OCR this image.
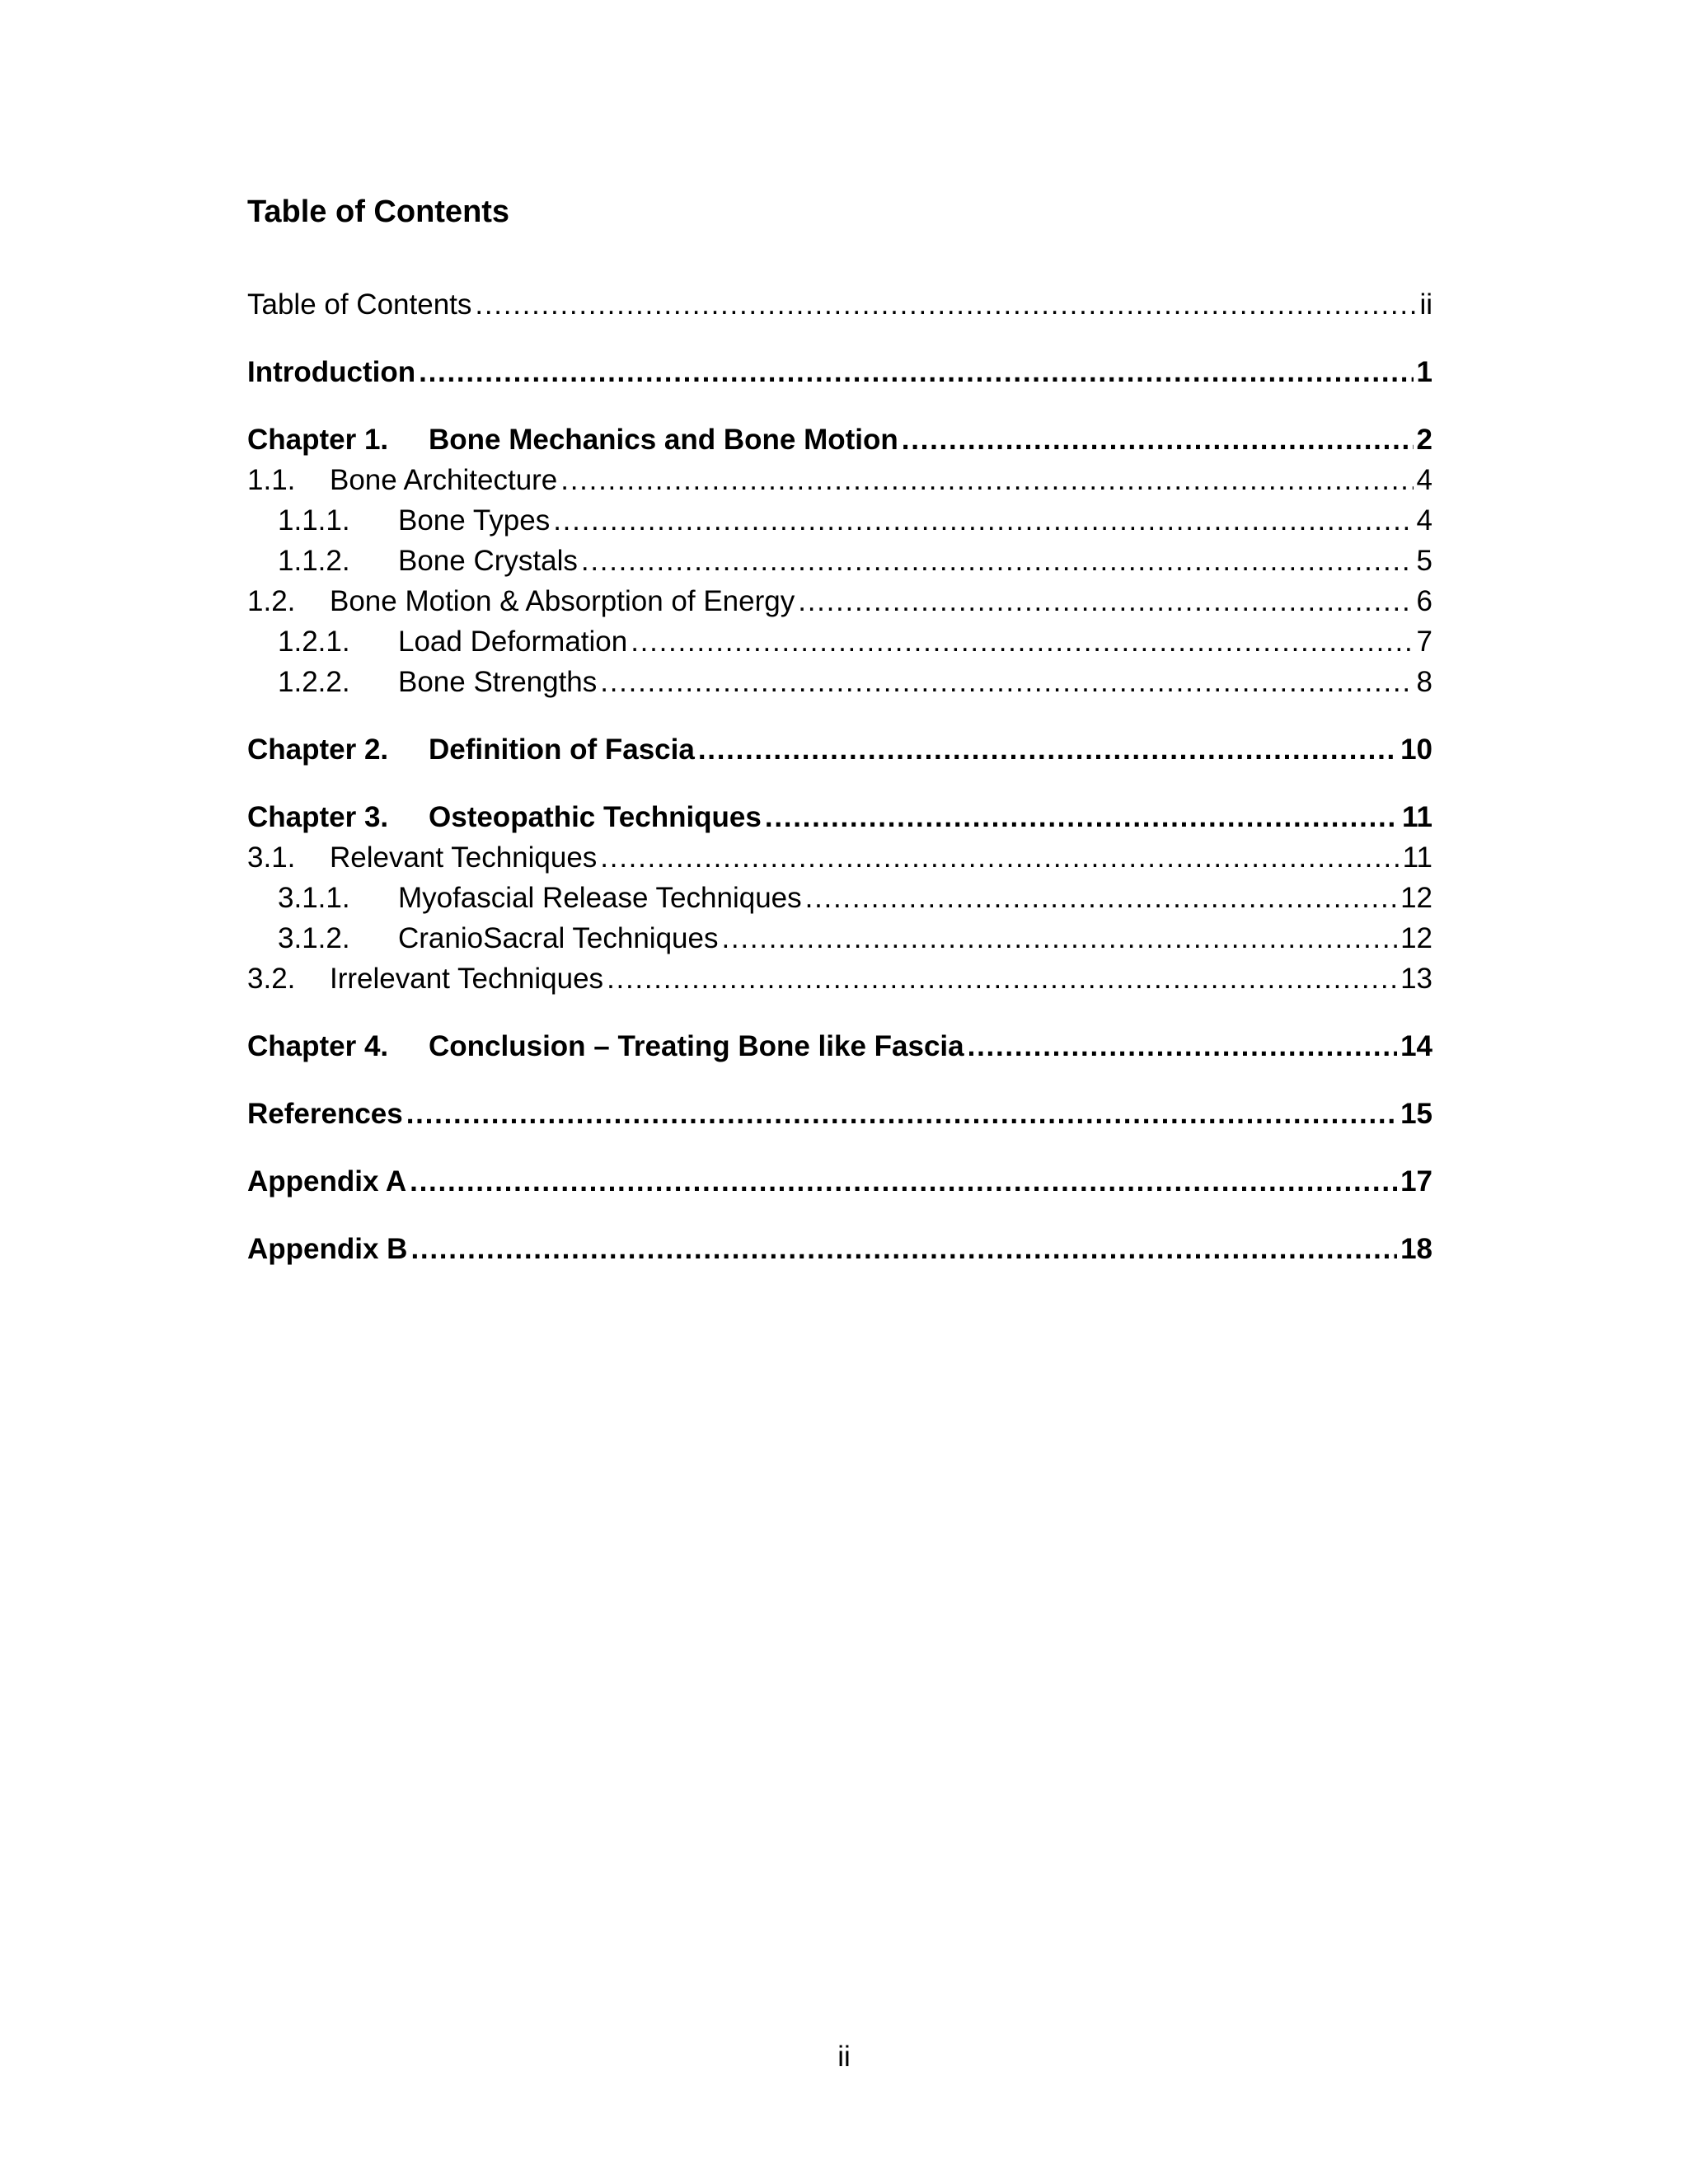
Table of Contents
Table of Contents . . .	ii
Introduction . . .	1
Chapter 1.	Bone Mechanics and Bone Motion . . .	2
1.1.	Bone Architecture . . .	4
1.1.1.	Bone Types . . .	4
1.1.2.	Bone Crystals . . .	5
1.2.	Bone Motion & Absorption of Energy . . .	6
1.2.1.	Load Deformation . . .	7
1.2.2.	Bone Strengths . . .	8
Chapter 2.	Definition of Fascia . . .	10
Chapter 3.	Osteopathic Techniques . . .	11
3.1.	Relevant Techniques . . .	11
3.1.1.	Myofascial Release Techniques . . .	12
3.1.2.	CranioSacral Techniques . . .	12
3.2.	Irrelevant Techniques . . .	13
Chapter 4.	Conclusion – Treating Bone like Fascia . . .	14
References . . .	15
Appendix A . . .	17
Appendix B . . .	18
ii
